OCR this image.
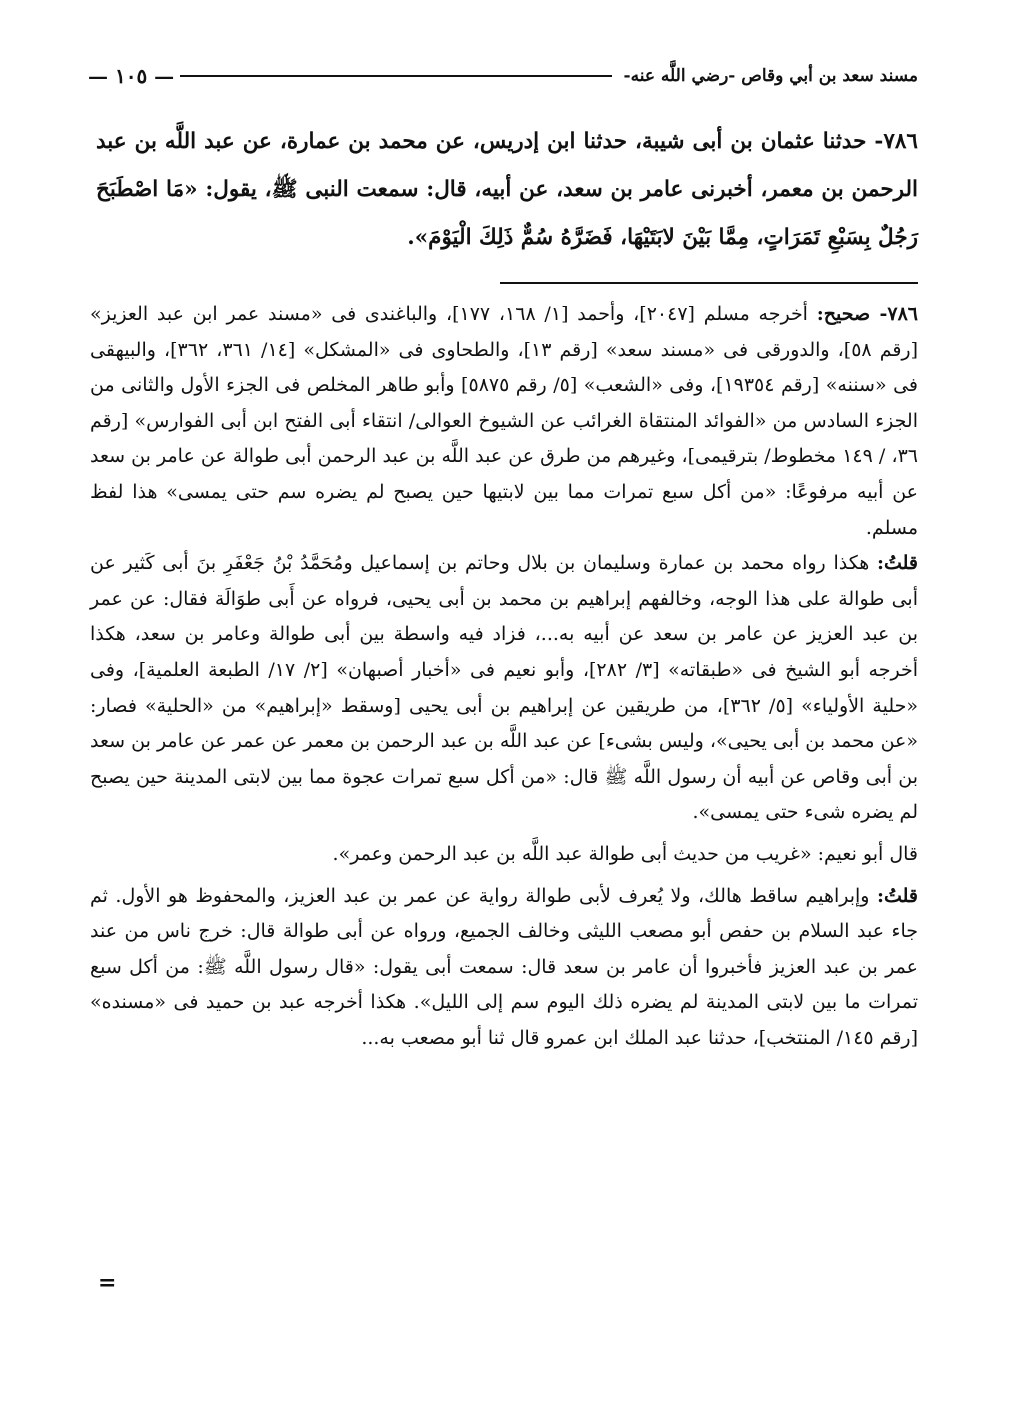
مسند سعد بن أبي وقاص -رضي اللَّه عنه-
— ١٠٥ —
٧٨٦- حدثنا عثمان بن أبى شيبة، حدثنا ابن إدريس، عن محمد بن عمارة، عن عبد اللَّه بن عبد الرحمن بن معمر، أخبرنى عامر بن سعد، عن أبيه، قال: سمعت النبى ﷺ، يقول: «مَا اصْطَبَحَ رَجُلٌ بِسَبْعِ تَمَرَاتٍ، مِمَّا بَيْنَ لابَتَيْهَا، فَضَرَّهُ سُمٌّ ذَلِكَ الْيَوْمَ».

٧٨٦- صحيح: أخرجه مسلم [٢٠٤٧]، وأحمد [١/ ١٦٨، ١٧٧]، والباغندى فى «مسند عمر ابن عبد العزيز» [رقم ٥٨]، والدورقى فى «مسند سعد» [رقم ١٣]، والطحاوى فى «المشكل» [١٤/ ٣٦١، ٣٦٢]، والبيهقى فى «سننه» [رقم ١٩٣٥٤]، وفى «الشعب» [٥/ رقم ٥٨٧٥] وأبو طاهر المخلص فى الجزء الأول والثانى من الجزء السادس من «الفوائد المنتقاة الغرائب عن الشيوخ العوالى/ انتقاء أبى الفتح ابن أبى الفوارس» [رقم ٣٦، / ١٤٩ مخطوط/ بترقيمى]، وغيرهم من طرق عن عبد اللَّه بن عبد الرحمن أبى طوالة عن عامر بن سعد عن أبيه مرفوعًا: «من أكل سبع تمرات مما بين لابتيها حين يصبح لم يضره سم حتى يمسى» هذا لفظ مسلم.

قلتُ: هكذا رواه محمد بن عمارة وسليمان بن بلال وحاتم بن إسماعيل ومُحَمَّدُ بْنُ جَعْفَرِ بنَ أبى كَثير عن أبى طوالة على هذا الوجه، وخالفهم إبراهيم بن محمد بن أبى يحيى، فرواه عن أَبى طوَالَة فقال: عن عمر بن عبد العزيز عن عامر بن سعد عن أبيه به...، فزاد فيه واسطة بين أبى طوالة وعامر بن سعد، هكذا أخرجه أبو الشيخ فى «طبقاته» [٣/ ٢٨٢]، وأبو نعيم فى «أخبار أصبهان» [٢/ ١٧/ الطبعة العلمية]، وفى «حلية الأولياء» [٥/ ٣٦٢]، من طريقين عن إبراهيم بن أبى يحيى [وسقط «إبراهيم» من «الحلية» فصار: «عن محمد بن أبى يحيى»، وليس بشىء] عن عبد اللَّه بن عبد الرحمن بن معمر عن عمر عن عامر بن سعد بن أبى وقاص عن أبيه أن رسول اللَّه ﷺ قال: «من أكل سبع تمرات عجوة مما بين لابتى المدينة حين يصبح لم يضره شىء حتى يمسى».

قال أبو نعيم: «غريب من حديث أبى طوالة عبد اللَّه بن عبد الرحمن وعمر».

قلتُ: وإبراهيم ساقط هالك، ولا يُعرف لأبى طوالة رواية عن عمر بن عبد العزيز، والمحفوظ هو الأول. ثم جاء عبد السلام بن حفص أبو مصعب الليثى وخالف الجميع، ورواه عن أبى طوالة قال: خرج ناس من عند عمر بن عبد العزيز فأخبروا أن عامر بن سعد قال: سمعت أبى يقول: «قال رسول اللَّه ﷺ: من أكل سبع تمرات ما بين لابتى المدينة لم يضره ذلك اليوم سم إلى الليل». هكذا أخرجه عبد بن حميد فى «مسنده» [رقم ١٤٥/ المنتخب]، حدثنا عبد الملك ابن عمرو قال ثنا أبو مصعب به...

=
